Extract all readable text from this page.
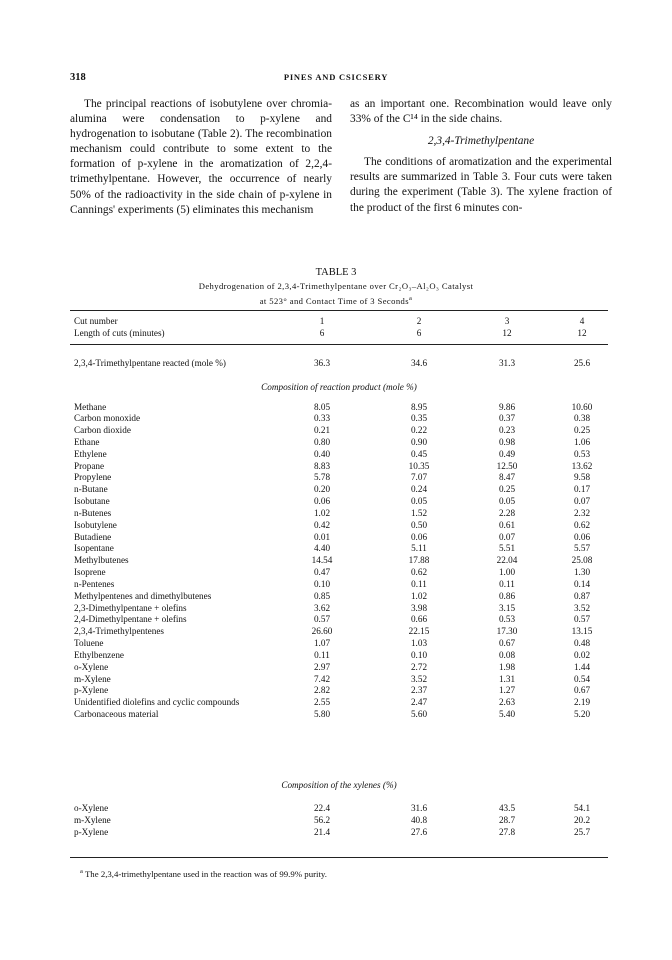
318	PINES AND CSICSERY

The principal reactions of isobutylene over chromia-alumina were condensation to p-xylene and hydrogenation to isobutane (Table 2). The recombination mechanism could contribute to some extent to the formation of p-xylene in the aromatization of 2,2,4-trimethylpentane. However, the occurrence of nearly 50% of the radioactivity in the side chain of p-xylene in Cannings' experiments (5) eliminates this mechanism

as an important one. Recombination would leave only 33% of the C¹⁴ in the side chains.

2,3,4-Trimethylpentane

The conditions of aromatization and the experimental results are summarized in Table 3. Four cuts were taken during the experiment (Table 3). The xylene fraction of the product of the first 6 minutes con-

TABLE 3
Dehydrogenation of 2,3,4-Trimethylpentane over Cr₂O₃–Al₂O₃ Catalyst
at 523° and Contact Time of 3 Seconds$^a$
Cut number	1	2	3	4
Length of cuts (minutes)	6	6	12	12
2,3,4-Trimethylpentane reacted (mole %)	36.3	34.6	31.3	25.6
Composition of reaction product (mole %)
Methane	8.05	8.95	9.86	10.60
Carbon monoxide	0.33	0.35	0.37	0.38
Carbon dioxide	0.21	0.22	0.23	0.25
Ethane	0.80	0.90	0.98	1.06
Ethylene	0.40	0.45	0.49	0.53
Propane	8.83	10.35	12.50	13.62
Propylene	5.78	7.07	8.47	9.58
n-Butane	0.20	0.24	0.25	0.17
Isobutane	0.06	0.05	0.05	0.07
n-Butenes	1.02	1.52	2.28	2.32
Isobutylene	0.42	0.50	0.61	0.62
Butadiene	0.01	0.06	0.07	0.06
Isopentane	4.40	5.11	5.51	5.57
Methylbutenes	14.54	17.88	22.04	25.08
Isoprene	0.47	0.62	1.00	1.30
n-Pentenes	0.10	0.11	0.11	0.14
Methylpentenes and dimethylbutenes	0.85	1.02	0.86	0.87
2,3-Dimethylpentane + olefins	3.62	3.98	3.15	3.52
2,4-Dimethylpentane + olefins	0.57	0.66	0.53	0.57
2,3,4-Trimethylpentenes	26.60	22.15	17.30	13.15
Toluene	1.07	1.03	0.67	0.48
Ethylbenzene	0.11	0.10	0.08	0.02
o-Xylene	2.97	2.72	1.98	1.44
m-Xylene	7.42	3.52	1.31	0.54
p-Xylene	2.82	2.37	1.27	0.67
Unidentified diolefins and cyclic compounds	2.55	2.47	2.63	2.19
Carbonaceous material	5.80	5.60	5.40	5.20
Composition of the xylenes (%)
o-Xylene	22.4	31.6	43.5	54.1
m-Xylene	56.2	40.8	28.7	20.2
p-Xylene	21.4	27.6	27.8	25.7
$^a$ The 2,3,4-trimethylpentane used in the reaction was of 99.9% purity.
